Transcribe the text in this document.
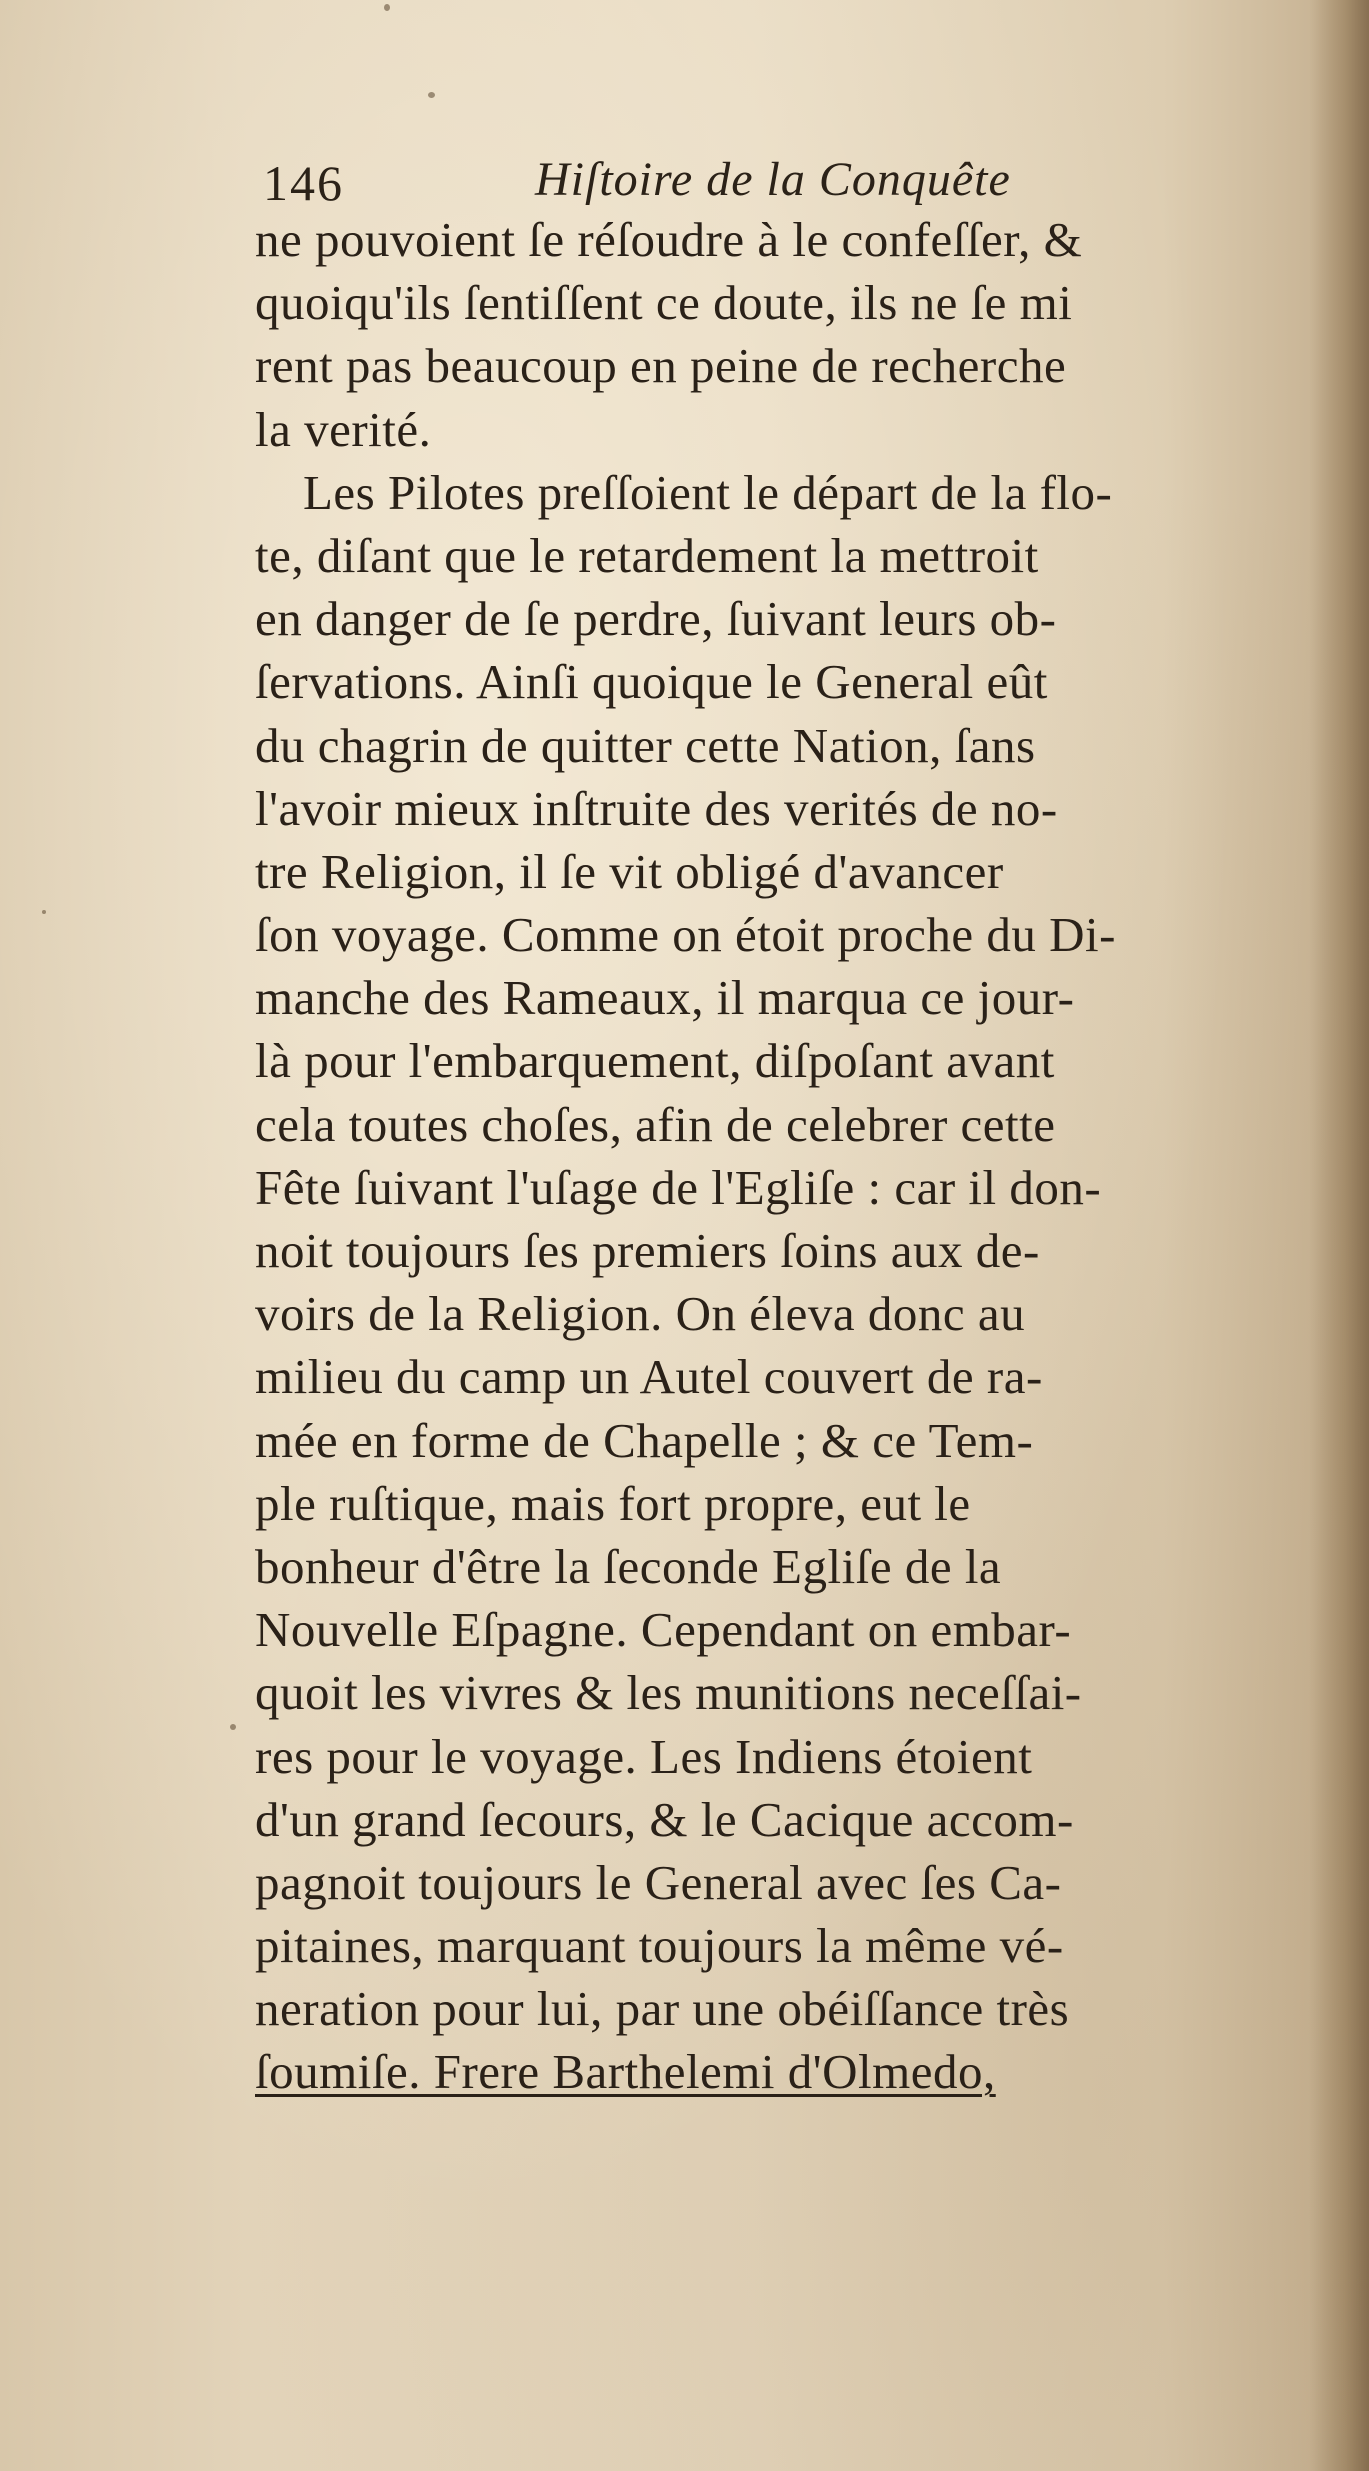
146	Hiſtoire de la Conquête
ne pouvoient ſe réſoudre à le confeſſer, &
quoiqu'ils ſentiſſent ce doute, ils ne ſe mi
rent pas beaucoup en peine de recherche
la verité.
Les Pilotes preſſoient le départ de la flo-
te, diſant que le retardement la mettroit
en danger de ſe perdre, ſuivant leurs ob-
ſervations. Ainſi quoique le General eût
du chagrin de quitter cette Nation, ſans
l'avoir mieux inſtruite des verités de no-
tre Religion, il ſe vit obligé d'avancer
ſon voyage. Comme on étoit proche du Di-
manche des Rameaux, il marqua ce jour-
là pour l'embarquement, diſpoſant avant
cela toutes choſes, afin de celebrer cette
Fête ſuivant l'uſage de l'Egliſe : car il don-
noit toujours ſes premiers ſoins aux de-
voirs de la Religion. On éleva donc au
milieu du camp un Autel couvert de ra-
mée en forme de Chapelle ; & ce Tem-
ple ruſtique, mais fort propre, eut le
bonheur d'être la ſeconde Egliſe de la
Nouvelle Eſpagne. Cependant on embar-
quoit les vivres & les munitions neceſſai-
res pour le voyage. Les Indiens étoient
d'un grand ſecours, & le Cacique accom-
pagnoit toujours le General avec ſes Ca-
pitaines, marquant toujours la même vé-
neration pour lui, par une obéiſſance très
ſoumiſe. Frere Barthelemi d'Olmedo,
